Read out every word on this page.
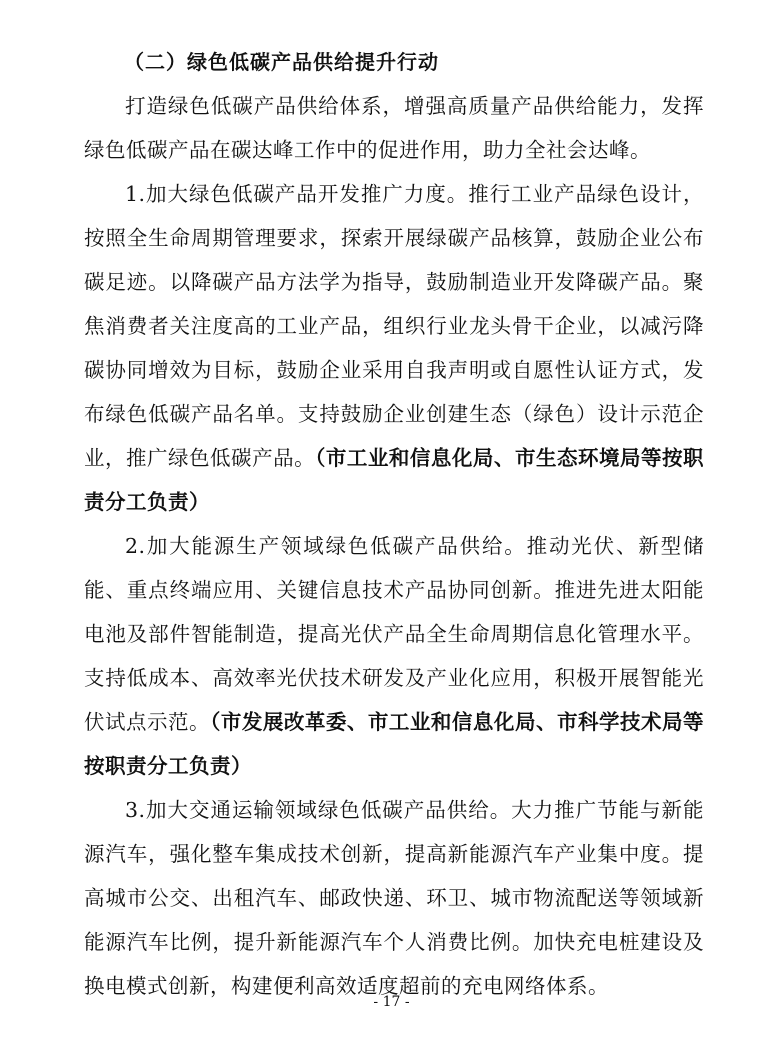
（二）绿色低碳产品供给提升行动

打造绿色低碳产品供给体系，增强高质量产品供给能力，发挥绿色低碳产品在碳达峰工作中的促进作用，助力全社会达峰。

1.加大绿色低碳产品开发推广力度。推行工业产品绿色设计，按照全生命周期管理要求，探索开展绿碳产品核算，鼓励企业公布碳足迹。以降碳产品方法学为指导，鼓励制造业开发降碳产品。聚焦消费者关注度高的工业产品，组织行业龙头骨干企业，以减污降碳协同增效为目标，鼓励企业采用自我声明或自愿性认证方式，发布绿色低碳产品名单。支持鼓励企业创建生态（绿色）设计示范企业，推广绿色低碳产品。（市工业和信息化局、市生态环境局等按职责分工负责）

2.加大能源生产领域绿色低碳产品供给。推动光伏、新型储能、重点终端应用、关键信息技术产品协同创新。推进先进太阳能电池及部件智能制造，提高光伏产品全生命周期信息化管理水平。支持低成本、高效率光伏技术研发及产业化应用，积极开展智能光伏试点示范。（市发展改革委、市工业和信息化局、市科学技术局等按职责分工负责）

3.加大交通运输领域绿色低碳产品供给。大力推广节能与新能源汽车，强化整车集成技术创新，提高新能源汽车产业集中度。提高城市公交、出租汽车、邮政快递、环卫、城市物流配送等领域新能源汽车比例，提升新能源汽车个人消费比例。加快充电桩建设及换电模式创新，构建便利高效适度超前的充电网络体系。

- 17 -
